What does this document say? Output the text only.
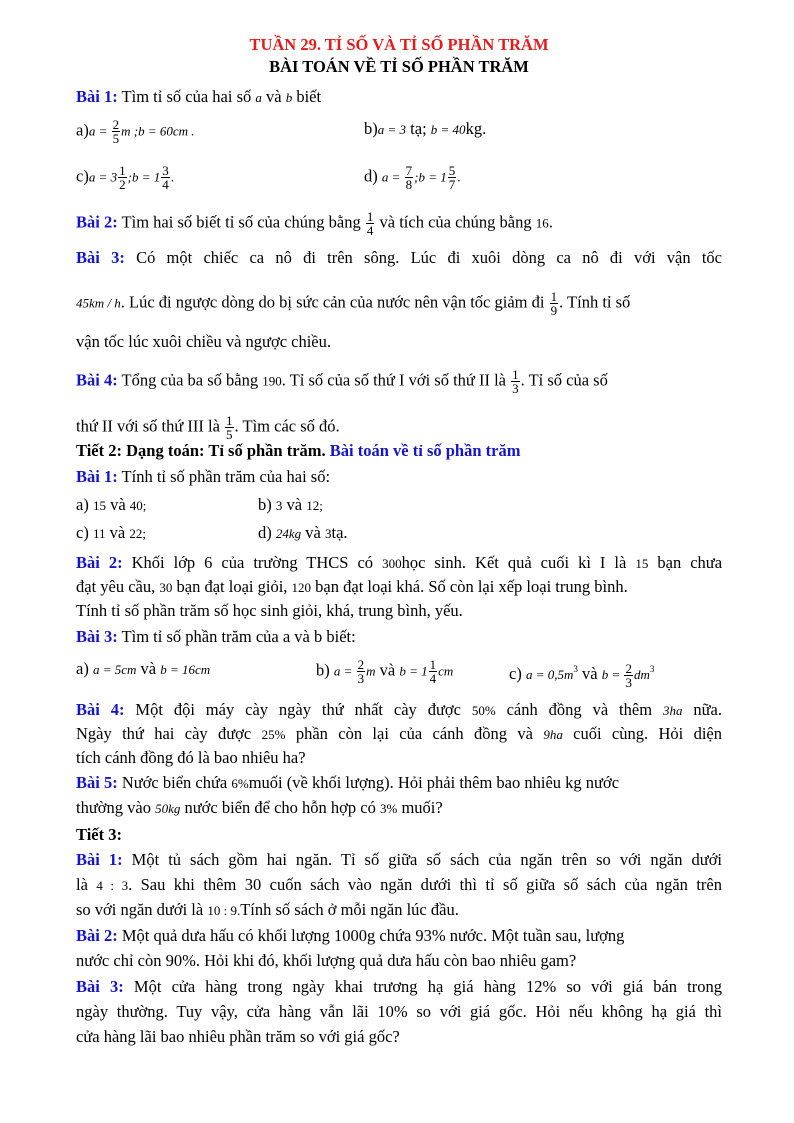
TUẦN 29. TỈ SỐ VÀ TỈ SỐ PHẦN TRĂM

BÀI TOÁN VỀ TỈ SỐ PHẦN TRĂM

Bài 1: Tìm tỉ số của hai số a và b biết
$a)a = \frac{2}{5}$ m ;b = 60cm .	b)a = 3 tạ; b = 40kg.
$c)a = 3 \frac{1}{2}$ ;b = $1 \frac{3}{4}$ .	d) $a = \frac{7}{8}$ ;b = $1 \frac{5}{7}$ .
Bài 2: Tìm hai số biết tỉ số của chúng bằng $\frac{1}{4}$ và tích của chúng bằng 16.
Bài 3: Có một chiếc ca nô đi trên sông. Lúc đi xuôi dòng ca nô đi với vận tốc
45km / h. Lúc đi ngược dòng do bị sức cản của nước nên vận tốc giảm đi $\frac{1}{9}$ . Tính tỉ số
vận tốc lúc xuôi chiều và ngược chiều.
Bài 4: Tổng của ba số bằng 190. Tỉ số của số thứ I với số thứ II là $\frac{1}{3}$ . Tỉ số của số
thứ II với số thứ III là $\frac{1}{5}$ . Tìm các số đó.
Tiết 2: Dạng toán: Tỉ số phần trăm. Bài toán về tỉ số phần trăm
Bài 1: Tính tỉ số phần trăm của hai số:
a) 15 và 40;	b) 3 và 12;
c) 11 và 22;	d) 24kg và 3tạ.
Bài 2: Khối lớp 6 của trường THCS có 300học sinh. Kết quả cuối kì I là 15 bạn chưa
đạt yêu cầu, 30 bạn đạt loại giỏi, 120 bạn đạt loại khá. Số còn lại xếp loại trung bình.
Tính tỉ số phần trăm số học sinh giỏi, khá, trung bình, yếu.
Bài 3: Tìm tỉ số phần trăm của a và b biết:
a) a = 5cm và b = 16cm	b) $a = \frac{2}{3}$ m và $b = 1 \frac{1}{4}$ cm	c) $a = 0,5m^3$ và $b = \frac{2}{3} dm^3$
Bài 4: Một đội máy cày ngày thứ nhất cày được 50% cánh đồng và thêm 3ha nữa.
Ngày thứ hai cày được 25% phần còn lại của cánh đồng và 9ha cuối cùng. Hỏi diện
tích cánh đồng đó là bao nhiêu ha?
Bài 5: Nước biển chứa 6%muối (về khối lượng). Hỏi phải thêm bao nhiêu kg nước
thường vào 50kg nước biển để cho hỗn hợp có 3% muối?
Tiết 3:
Bài 1: Một tủ sách gồm hai ngăn. Tỉ số giữa số sách của ngăn trên so với ngăn dưới
là 4 : 3. Sau khi thêm 30 cuốn sách vào ngăn dưới thì tỉ số giữa số sách của ngăn trên
so với ngăn dưới là 10 : 9.Tính số sách ở mỗi ngăn lúc đầu.
Bài 2: Một quả dưa hấu có khối lượng 1000g chứa 93% nước. Một tuần sau, lượng
nước chỉ còn 90%. Hỏi khi đó, khối lượng quả dưa hấu còn bao nhiêu gam?
Bài 3: Một cửa hàng trong ngày khai trương hạ giá hàng 12% so với giá bán trong
ngày thường. Tuy vậy, cửa hàng vẫn lãi 10% so với giá gốc. Hỏi nếu không hạ giá thì
cửa hàng lãi bao nhiêu phần trăm so với giá gốc?
